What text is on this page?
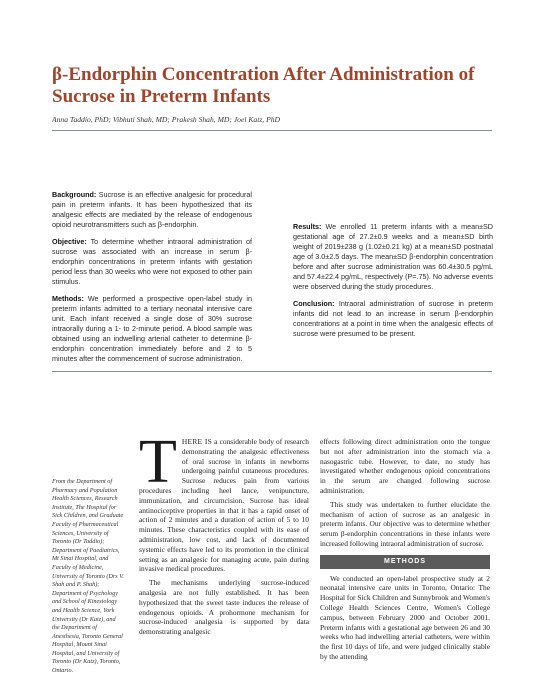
β-Endorphin Concentration After Administration of Sucrose in Preterm Infants
Anna Taddio, PhD; Vibhuti Shah, MD; Prakesh Shah, MD; Joel Katz, PhD

Background: Sucrose is an effective analgesic for procedural pain in preterm infants. It has been hypothesized that its analgesic effects are mediated by the release of endogenous opioid neurotransmitters such as β-endorphin.

Objective: To determine whether intraoral administration of sucrose was associated with an increase in serum β-endorphin concentrations in preterm infants with gestation period less than 30 weeks who were not exposed to other pain stimulus.

Methods: We performed a prospective open-label study in preterm infants admitted to a tertiary neonatal intensive care unit. Each infant received a single dose of 30% sucrose intraorally during a 1- to 2-minute period. A blood sample was obtained using an indwelling arterial catheter to determine β-endorphin concentration immediately before and 2 to 5 minutes after the commencement of sucrose administration.

Results: We enrolled 11 preterm infants with a mean±SD gestational age of 27.2±0.9 weeks and a mean±SD birth weight of 2019±238 g (1.02±0.21 kg) at a mean±SD postnatal age of 3.0±2.5 days. The mean±SD β-endorphin concentration before and after sucrose administration was 60.4±30.5 pg/mL and 57.4±22.4 pg/mL, respectively (P=.75). No adverse events were observed during the study procedures.

Conclusion: Intraoral administration of sucrose in preterm infants did not lead to an increase in serum β-endorphin concentrations at a point in time when the analgesic effects of sucrose were presumed to be present.

From the Department of Pharmacy and Population Health Sciences, Research Institute, The Hospital for Sick Children, and Graduate Faculty of Pharmaceutical Sciences, University of Toronto (Dr Taddio); Department of Paediatrics, Mt Sinai Hospital, and Faculty of Medicine, University of Toronto (Drs V. Shah and P. Shah); Department of Psychology and School of Kinesiology and Health Science, York University (Dr Katz), and the Department of Anesthesia, Toronto General Hospital, Mount Sinai Hospital, and University of Toronto (Dr Katz), Toronto, Ontario.

THERE IS a considerable body of research demonstrating the analgesic effectiveness of oral sucrose in infants in newborns undergoing painful cutaneous procedures. Sucrose reduces pain from various procedures including heel lance, venipuncture, immunization, and circumcision. Sucrose has ideal antinociceptive properties in that it has a rapid onset of action of 2 minutes and a duration of action of 5 to 10 minutes. These characteristics coupled with its ease of administration, low cost, and lack of documented systemic effects have led to its promotion in the clinical setting as an analgesic for managing acute, pain during invasive medical procedures.

The mechanisms underlying sucrose-induced analgesia are not fully established. It has been hypothesized that the sweet taste induces the release of endogenous opioids. A prohormone mechanism for sucrose-induced analgesia is supported by data demonstrating analgesic

effects following direct administration onto the tongue but not after administration into the stomach via a nasogastric tube. However, to date, no study has investigated whether endogenous opioid concentrations in the serum are changed following sucrose administration.

This study was undertaken to further elucidate the mechanism of action of sucrose as an analgesic in preterm infants. Our objective was to determine whether serum β-endorphin concentrations in these infants were increased following intraoral administration of sucrose.

METHODS

We conducted an open-label prospective study at 2 neonatal intensive care units in Toronto, Ontario: The Hospital for Sick Children and Sunnybrook and Women's College Health Sciences Centre, Women's College campus, between February 2000 and October 2001. Preterm infants with a gestational age between 26 and 30 weeks who had indwelling arterial catheters, were within the first 10 days of life, and were judged clinically stable by the attending
